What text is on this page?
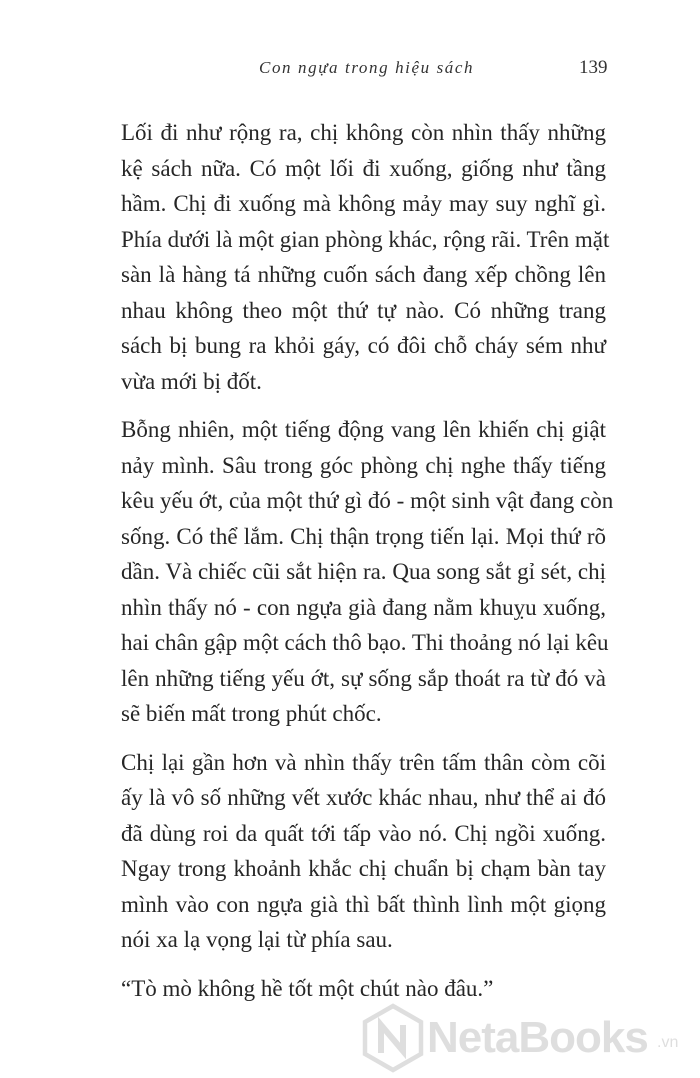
Con ngựa trong hiệu sách	139
Lối đi như rộng ra, chị không còn nhìn thấy những
kệ sách nữa. Có một lối đi xuống, giống như tầng
hầm. Chị đi xuống mà không mảy may suy nghĩ gì.
Phía dưới là một gian phòng khác, rộng rãi. Trên mặt
sàn là hàng tá những cuốn sách đang xếp chồng lên
nhau không theo một thứ tự nào. Có những trang
sách bị bung ra khỏi gáy, có đôi chỗ cháy sém như
vừa mới bị đốt.
Bỗng nhiên, một tiếng động vang lên khiến chị giật
nảy mình. Sâu trong góc phòng chị nghe thấy tiếng
kêu yếu ớt, của một thứ gì đó - một sinh vật đang còn
sống. Có thể lắm. Chị thận trọng tiến lại. Mọi thứ rõ
dần. Và chiếc cũi sắt hiện ra. Qua song sắt gỉ sét, chị
nhìn thấy nó - con ngựa già đang nằm khuỵu xuống,
hai chân gập một cách thô bạo. Thi thoảng nó lại kêu
lên những tiếng yếu ớt, sự sống sắp thoát ra từ đó và
sẽ biến mất trong phút chốc.
Chị lại gần hơn và nhìn thấy trên tấm thân còm cõi
ấy là vô số những vết xước khác nhau, như thể ai đó
đã dùng roi da quất tới tấp vào nó. Chị ngồi xuống.
Ngay trong khoảnh khắc chị chuẩn bị chạm bàn tay
mình vào con ngựa già thì bất thình lình một giọng
nói xa lạ vọng lại từ phía sau.
“Tò mò không hề tốt một chút nào đâu.”
NetaBooks .vn
